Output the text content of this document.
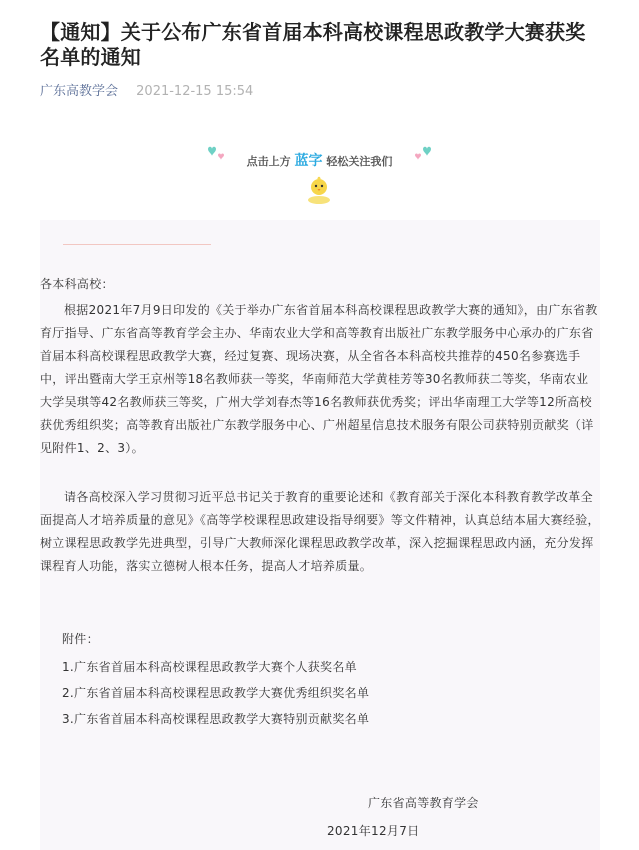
【通知】关于公布广东省首届本科高校课程思政教学大赛获奖名单的通知
广东高教学会 2021-12-15 15:54
点击上方 蓝字 轻松关注我们

各本科高校：

根据2021年7月9日印发的《关于举办广东省首届本科高校课程思政教学大赛的通知》，由广东省教育厅指导、广东省高等教育学会主办、华南农业大学和高等教育出版社广东教学服务中心承办的广东省首届本科高校课程思政教学大赛，经过复赛、现场决赛，从全省各本科高校共推荐的450名参赛选手中，评出暨南大学王京州等18名教师获一等奖，华南师范大学黄桂芳等30名教师获二等奖，华南农业大学吴琪等42名教师获三等奖，广州大学刘春杰等16名教师获优秀奖；评出华南理工大学等12所高校获优秀组织奖；高等教育出版社广东教学服务中心、广州超星信息技术服务有限公司获特别贡献奖（详见附件1、2、3）。

请各高校深入学习贯彻习近平总书记关于教育的重要论述和《教育部关于深化本科教育教学改革全面提高人才培养质量的意见》《高等学校课程思政建设指导纲要》等文件精神，认真总结本届大赛经验，树立课程思政教学先进典型，引导广大教师深化课程思政教学改革，深入挖掘课程思政内涵，充分发挥课程育人功能，落实立德树人根本任务，提高人才培养质量。

附件：

1.广东省首届本科高校课程思政教学大赛个人获奖名单

2.广东省首届本科高校课程思政教学大赛优秀组织奖名单

3.广东省首届本科高校课程思政教学大赛特别贡献奖名单

广东省高等教育学会
2021年12月7日
